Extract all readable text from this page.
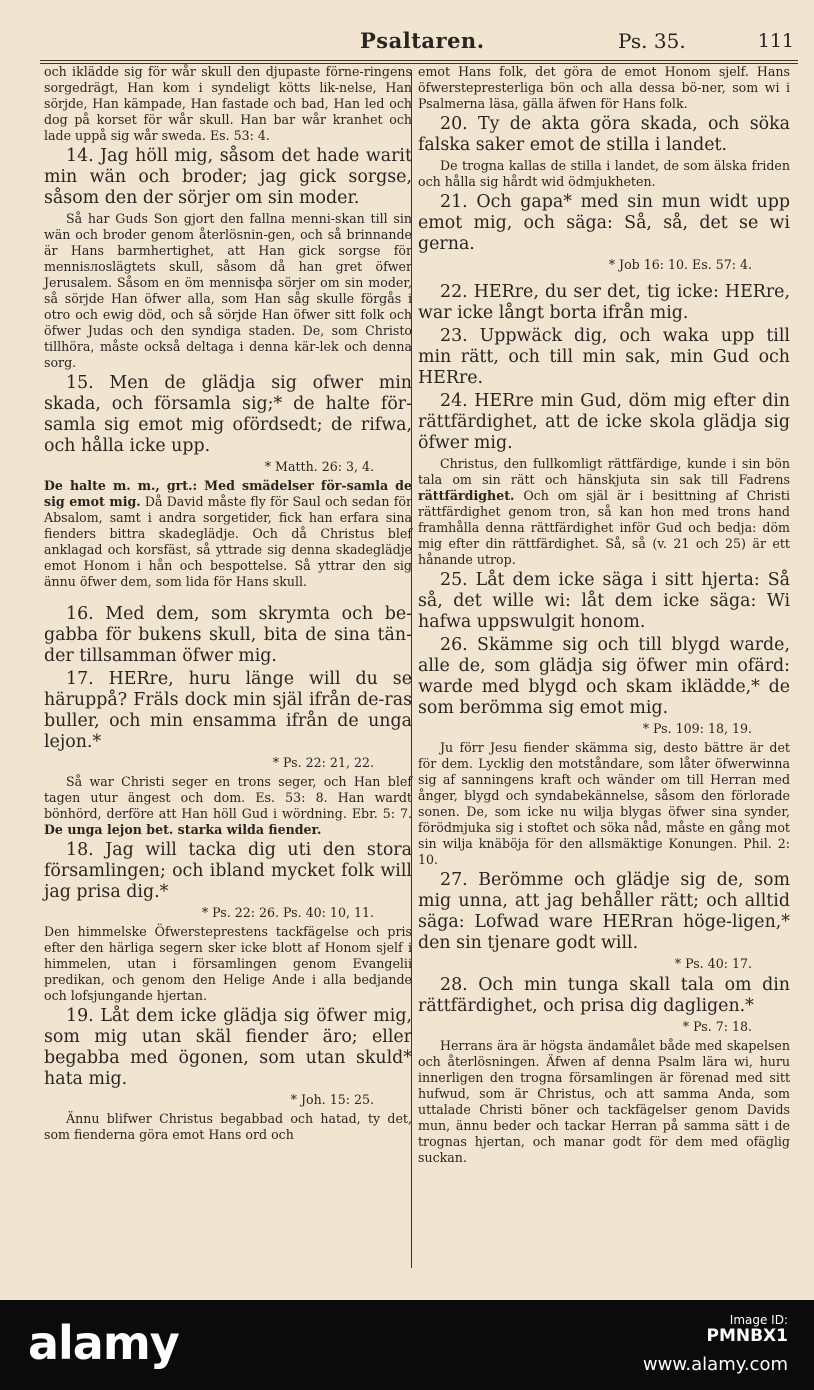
Psaltaren.	Ps. 35.	111

och ikläddе sig för wår skull den djupaste förne-ringens sorgedrägt, Han kom i syndeligt kötts lik-nelse, Han sörjde, Han kämpade, Han fastade och bad, Han led och dog på korset för wår skull. Han bar wår kranhet och lade uppå sig wår sweda. Es. 53: 4.

14. Jag höll mig, såsom det hade warit min wän och broder; jag gick sorgse, såsom den der sörjer om sin moder.

Så har Guds Son gjort den fallna menni-skan till sin wän och broder genom återlösnin-gen, och så brinnande är Hans barmhertighet, att Han gick sorgse för mennisлоslägtets skull, såsom då han gret öfwer Jerusalem. Såsom en öm mennisфа sörjer om sin moder, så sörjde Han öfwer alla, som Han såg skulle förgås i otro och ewig död, och så sörjde Han öfwer sitt folk och öfwer Judas och den syndiga staden. De, som Christo tillhöra, måste också deltaga i denna kär-lek och denna sorg.

15. Men de glädja sig ofwer min skada, och församla sig;* de halte för-samla sig emot mig ofördsedt; de rifwa, och hålla icke upp.

* Matth. 26: 3, 4.

De halte m. m., grt.: Med smädelser för-samla de sig emot mig. Då David måste fly för Saul och sedan för Absalom, samt i andra sorgetider, fick han erfara sina fienders bittra skadeglädje. Och då Christus blef anklagad och korsfäst, så yttrade sig denna skadeglädje emot Honom i hån och bespottelse. Så yttrar den sig ännu öfwer dem, som lida för Hans skull.

16. Med dem, som skrymta och be-gabba för bukens skull, bita de sina tän-der tillsamman öfwer mig.

17. HERre, huru länge will du se häruppå? Fräls dock min själ ifrån de-ras buller, och min ensamma ifrån de unga lejon.*

* Ps. 22: 21, 22.

Så war Christi seger en trons seger, och Han blef tagen utur ängest och dom. Es. 53: 8. Han wardt bönhörd, derföre att Han höll Gud i wördning. Ebr. 5: 7. De unga lejon bet. starka wilda fiender.

18. Jag will tacka dig uti den stora församlingen; och ibland mycket folk will jag prisa dig.*

* Ps. 22: 26. Ps. 40: 10, 11.

Den himmelske Öfwersteprestens tackfägelse och pris efter den härliga segern sker icke blott af Honom sjelf i himmelen, utan i församlingen genom Evangelii predikan, och genom den Helige Ande i alla bedjande och lofsjungande hjertan.

19. Låt dem icke glädja sig öfwer mig, som mig utan skäl fiender äro; eller begabba med ögonen, som utan skuld* hata mig.

* Joh. 15: 25.

Ännu blifwer Christus begabbad och hatad, ty det, som fienderna göra emot Hans ord och

emot Hans folk, det göra de emot Honom sjelf. Hans öfwersteprestеrliga bön och alla dessa bö-ner, som wi i Psalmerna läsa, gälla äfwen för Hans folk.

20. Ty de akta göra skada, och söka falska saker emot de stilla i landet.

De trogna kallas de stilla i landet, de som älska friden och hålla sig hårdt wid ödmjukheten.

21. Och gapa* med sin mun widt upp emot mig, och säga: Så, så, det se wi gerna.

* Job 16: 10. Es. 57: 4.

22. HERre, du ser det, tig icke: HERre, war icke långt borta ifrån mig.

23. Uppwäck dig, och waka upp till min rätt, och till min sak, min Gud och HERre.

24. HERre min Gud, döm mig efter din rättfärdighet, att de icke skola glädja sig öfwer mig.

Christus, den fullkomligt rättfärdige, kunde i sin bön tala om sin rätt och hänskjuta sin sak till Fadrens rättfärdighet. Och om själ är i besittning af Christi rättfärdighet genom tron, så kan hon med trons hand framhålla denna rättfärdighet inför Gud och bedja: döm mig efter din rättfärdighet. Så, så (v. 21 och 25) är ett hånande utrop.

25. Låt dem icke säga i sitt hjerta: Så så, det wille wi: låt dem icke säga: Wi hafwa uppswulgit honom.

26. Skämme sig och till blygd warde, alle de, som glädja sig öfwer min ofärd: warde med blygd och skam ikläddе,* de som berömma sig emot mig.

* Ps. 109: 18, 19.

Ju förr Jesu fiender skämma sig, desto bättre är det för dem. Lycklig den motståndare, som låter öfwerwinna sig af sanningens kraft och wänder om till Herran med ånger, blygd och syndabekännelse, såsom den förlorade sonen. De, som icke nu wilja blygas öfwer sina synder, förödmjuka sig i stoftet och söka nåd, måste en gång mot sin wilja knäböja för den allsmäktige Konungen. Phil. 2: 10.

27. Berömme och glädje sig de, som mig unna, att jag behåller rätt; och alltid säga: Lofwad ware HERran höge-ligen,* den sin tjenare godt will.

* Ps. 40: 17.

28. Och min tunga skall tala om din rättfärdighet, och prisa dig dagligen.*

* Ps. 7: 18.

Herrans ära är högsta ändamålet både med skapelsen och återlösningen. Äfwen af denna Psalm lära wi, huru innerligen den trogna församlingen är förenad med sitt hufwud, som är Christus, och att samma Anda, som uttalade Christi böner och tackfägelser genom Davids mun, ännu beder och tackar Herran på samma sätt i de trognas hjertan, och manar godt för dem med ofäglig suckan.

alamy	Image ID:
PMNBX1
www.alamy.com
